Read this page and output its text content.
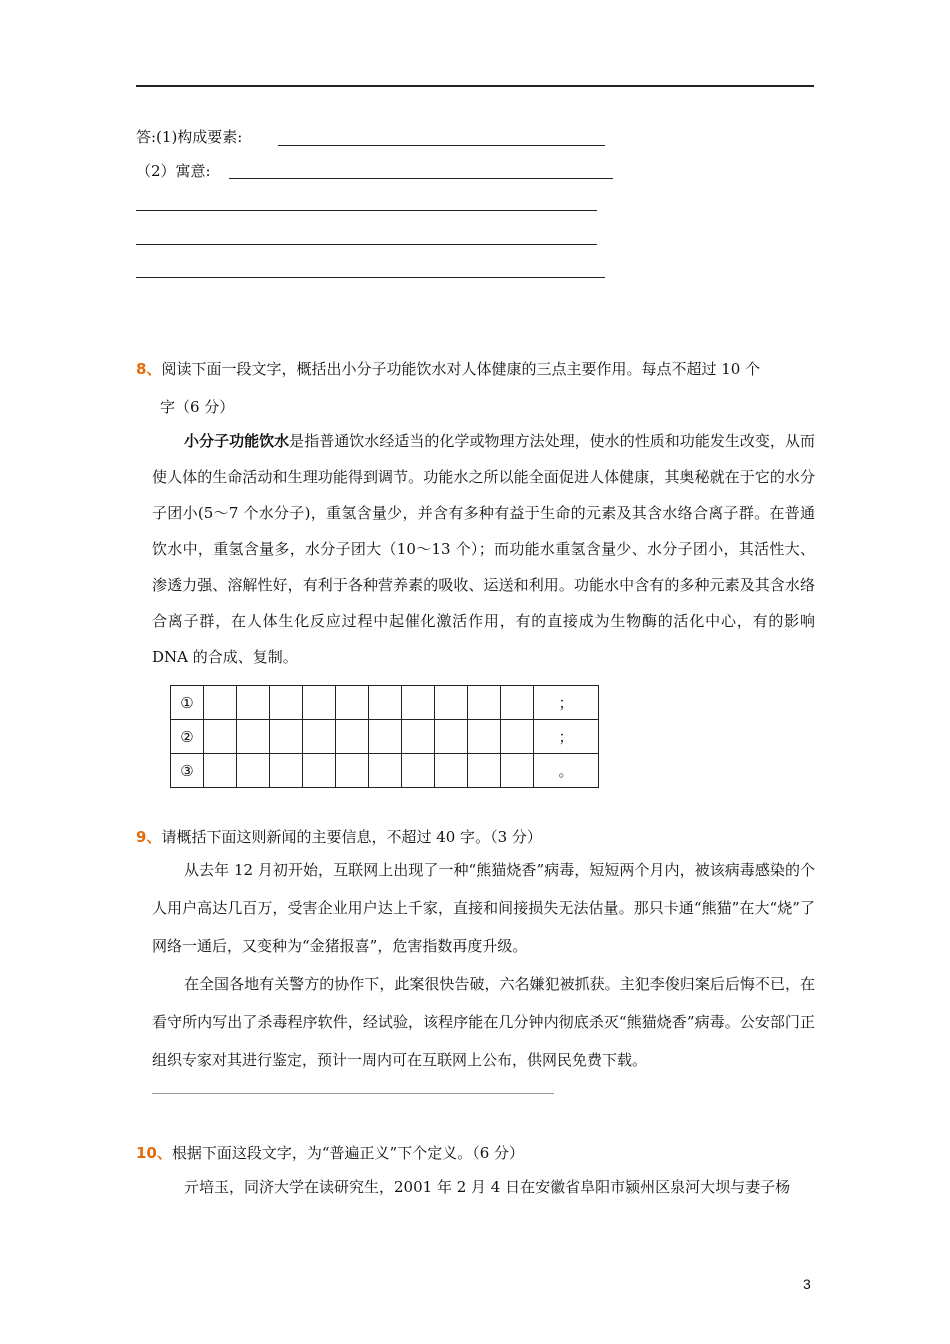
答:(1)构成要素:
（2）寓意:
8、阅读下面一段文字，概括出小分子功能饮水对人体健康的三点主要作用。每点不超过 10 个
字（6 分）

小分子功能饮水是指普通饮水经适当的化学或物理方法处理，使水的性质和功能发生改变，从而使人体的生命活动和生理功能得到调节。功能水之所以能全面促进人体健康，其奥秘就在于它的水分子团小(5～7 个水分子)，重氢含量少，并含有多种有益于生命的元素及其含水络合离子群。在普通饮水中，重氢含量多，水分子团大（10～13 个）；而功能水重氢含量少、水分子团小，其活性大、渗透力强、溶解性好，有利于各种营养素的吸收、运送和利用。功能水中含有的多种元素及其含水络合离子群，在人体生化反应过程中起催化激活作用，有的直接成为生物酶的活化中心，有的影响 DNA 的合成、复制。

①											；
②											；
③											。
9、请概括下面这则新闻的主要信息，不超过 40 字。（3 分）

从去年 12 月初开始，互联网上出现了一种“熊猫烧香”病毒，短短两个月内，被该病毒感染的个人用户高达几百万，受害企业用户达上千家，直接和间接损失无法估量。那只卡通“熊猫”在大“烧”了网络一通后，又变种为“金猪报喜”，危害指数再度升级。

在全国各地有关警方的协作下，此案很快告破，六名嫌犯被抓获。主犯李俊归案后后悔不已，在看守所内写出了杀毒程序软件，经试验，该程序能在几分钟内彻底杀灭“熊猫烧香”病毒。公安部门正组织专家对其进行鉴定，预计一周内可在互联网上公布，供网民免费下载。

10、根据下面这段文字，为“普遍正义”下个定义。（6 分）

亓培玉，同济大学在读研究生，2001 年 2 月 4 日在安徽省阜阳市颍州区泉河大坝与妻子杨

3
